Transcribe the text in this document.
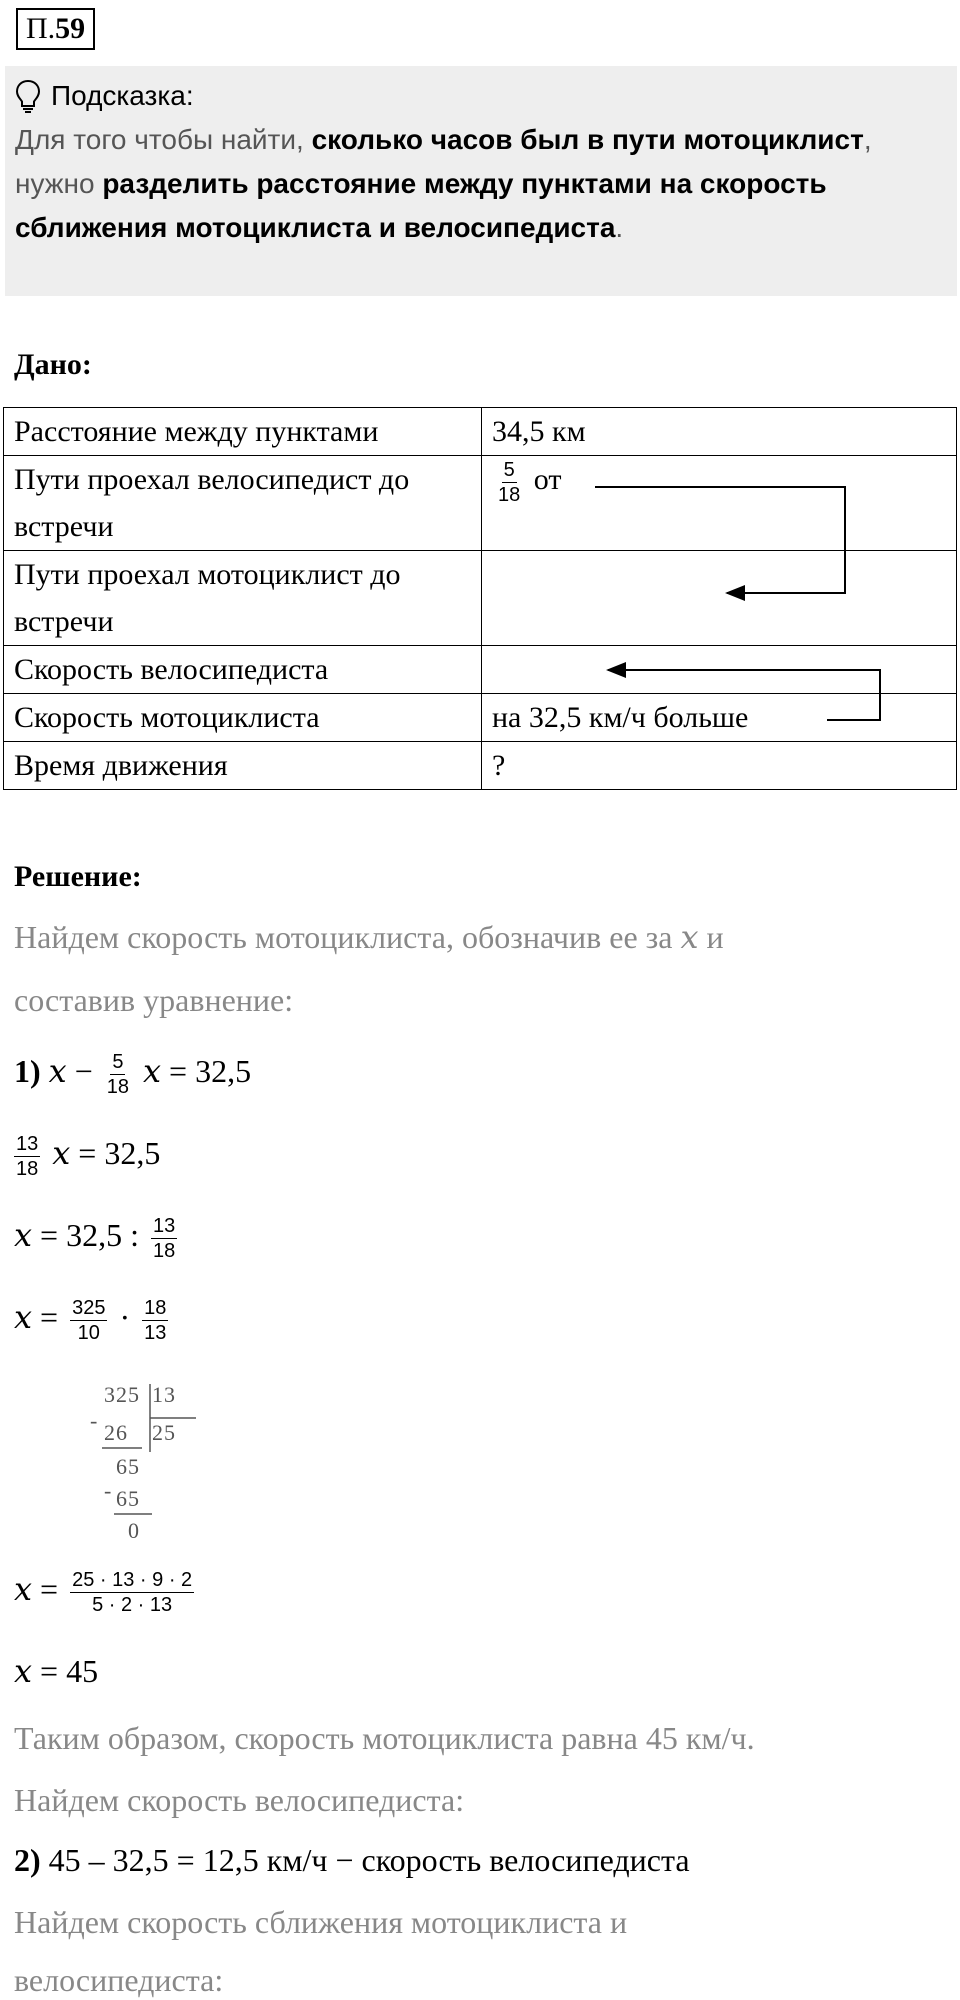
П.59
Подсказка:

Для того чтобы найти, сколько часов был в пути мотоциклист, нужно разделить расстояние между пунктами на скорость сближения мотоциклиста и велосипедиста.

Дано:
Расстояние между пунктами	34,5 км
Пути проехал велосипедист до встречи	$\frac{5}{18}$ от
Пути проехал мотоциклист до встречи	
Скорость велосипедиста	
Скорость мотоциклиста	на 32,5 км/ч больше
Время движения	?
Решение:
Найдем скорость мотоциклиста, обозначив ее за x и
составив уравнение:
1) $x - \frac{5}{18}$ x = 32,5
$\frac{13}{18}$ x = 32,5
x = 32,5 : $\frac{13}{18}$
$x = \frac{325}{10} \cdot \frac{18}{13}$
325 13
25
- 26
65
- 65
0
$x = \frac{25 \cdot 13 \cdot 9 \cdot 2}{5 \cdot 2 \cdot 13}$
x = 45
Таким образом, скорость мотоциклиста равна 45 км/ч.
Найдем скорость велосипедиста:
2) 45 – 32,5 = 12,5 км/ч − скорость велосипедиста
Найдем скорость сближения мотоциклиста и
велосипедиста:
